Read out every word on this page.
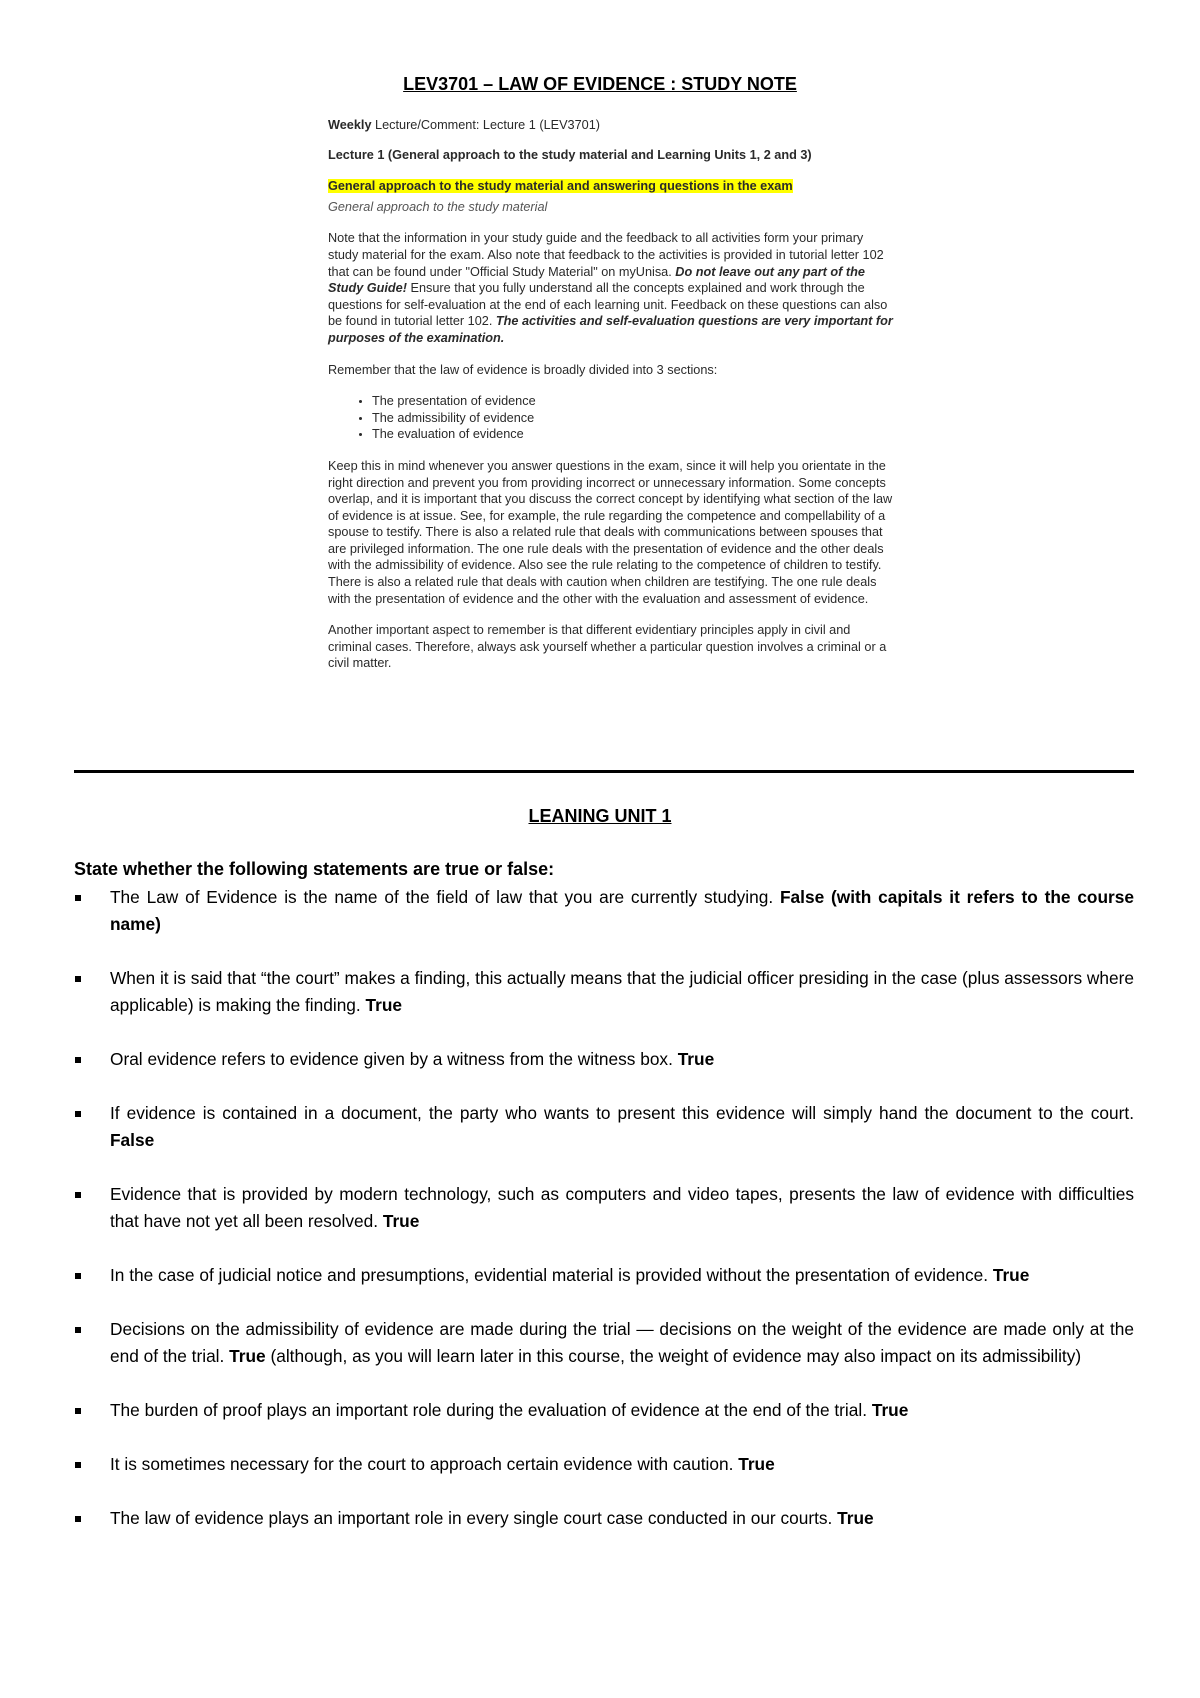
LEV3701 – LAW OF EVIDENCE : STUDY NOTE

Weekly Lecture/Comment: Lecture 1 (LEV3701)

Lecture 1 (General approach to the study material and Learning Units 1, 2 and 3)

General approach to the study material and answering questions in the exam

General approach to the study material

Note that the information in your study guide and the feedback to all activities form your primary study material for the exam. Also note that feedback to the activities is provided in tutorial letter 102 that can be found under "Official Study Material" on myUnisa. Do not leave out any part of the Study Guide! Ensure that you fully understand all the concepts explained and work through the questions for self-evaluation at the end of each learning unit. Feedback on these questions can also be found in tutorial letter 102. The activities and self-evaluation questions are very important for purposes of the examination.

Remember that the law of evidence is broadly divided into 3 sections:

• The presentation of evidence
• The admissibility of evidence
• The evaluation of evidence

Keep this in mind whenever you answer questions in the exam, since it will help you orientate in the right direction and prevent you from providing incorrect or unnecessary information. Some concepts overlap, and it is important that you discuss the correct concept by identifying what section of the law of evidence is at issue. See, for example, the rule regarding the competence and compellability of a spouse to testify. There is also a related rule that deals with communications between spouses that are privileged information. The one rule deals with the presentation of evidence and the other deals with the admissibility of evidence. Also see the rule relating to the competence of children to testify. There is also a related rule that deals with caution when children are testifying. The one rule deals with the presentation of evidence and the other with the evaluation and assessment of evidence.

Another important aspect to remember is that different evidentiary principles apply in civil and criminal cases. Therefore, always ask yourself whether a particular question involves a criminal or a civil matter.

LEANING UNIT 1

State whether the following statements are true or false:

The Law of Evidence is the name of the field of law that you are currently studying. False (with capitals it refers to the course name)
When it is said that “the court” makes a finding, this actually means that the judicial officer presiding in the case (plus assessors where applicable) is making the finding. True
Oral evidence refers to evidence given by a witness from the witness box. True
If evidence is contained in a document, the party who wants to present this evidence will simply hand the document to the court. False
Evidence that is provided by modern technology, such as computers and video tapes, presents the law of evidence with difficulties that have not yet all been resolved. True
In the case of judicial notice and presumptions, evidential material is provided without the presentation of evidence. True
Decisions on the admissibility of evidence are made during the trial — decisions on the weight of the evidence are made only at the end of the trial. True (although, as you will learn later in this course, the weight of evidence may also impact on its admissibility)
The burden of proof plays an important role during the evaluation of evidence at the end of the trial. True
It is sometimes necessary for the court to approach certain evidence with caution. True
The law of evidence plays an important role in every single court case conducted in our courts. True
